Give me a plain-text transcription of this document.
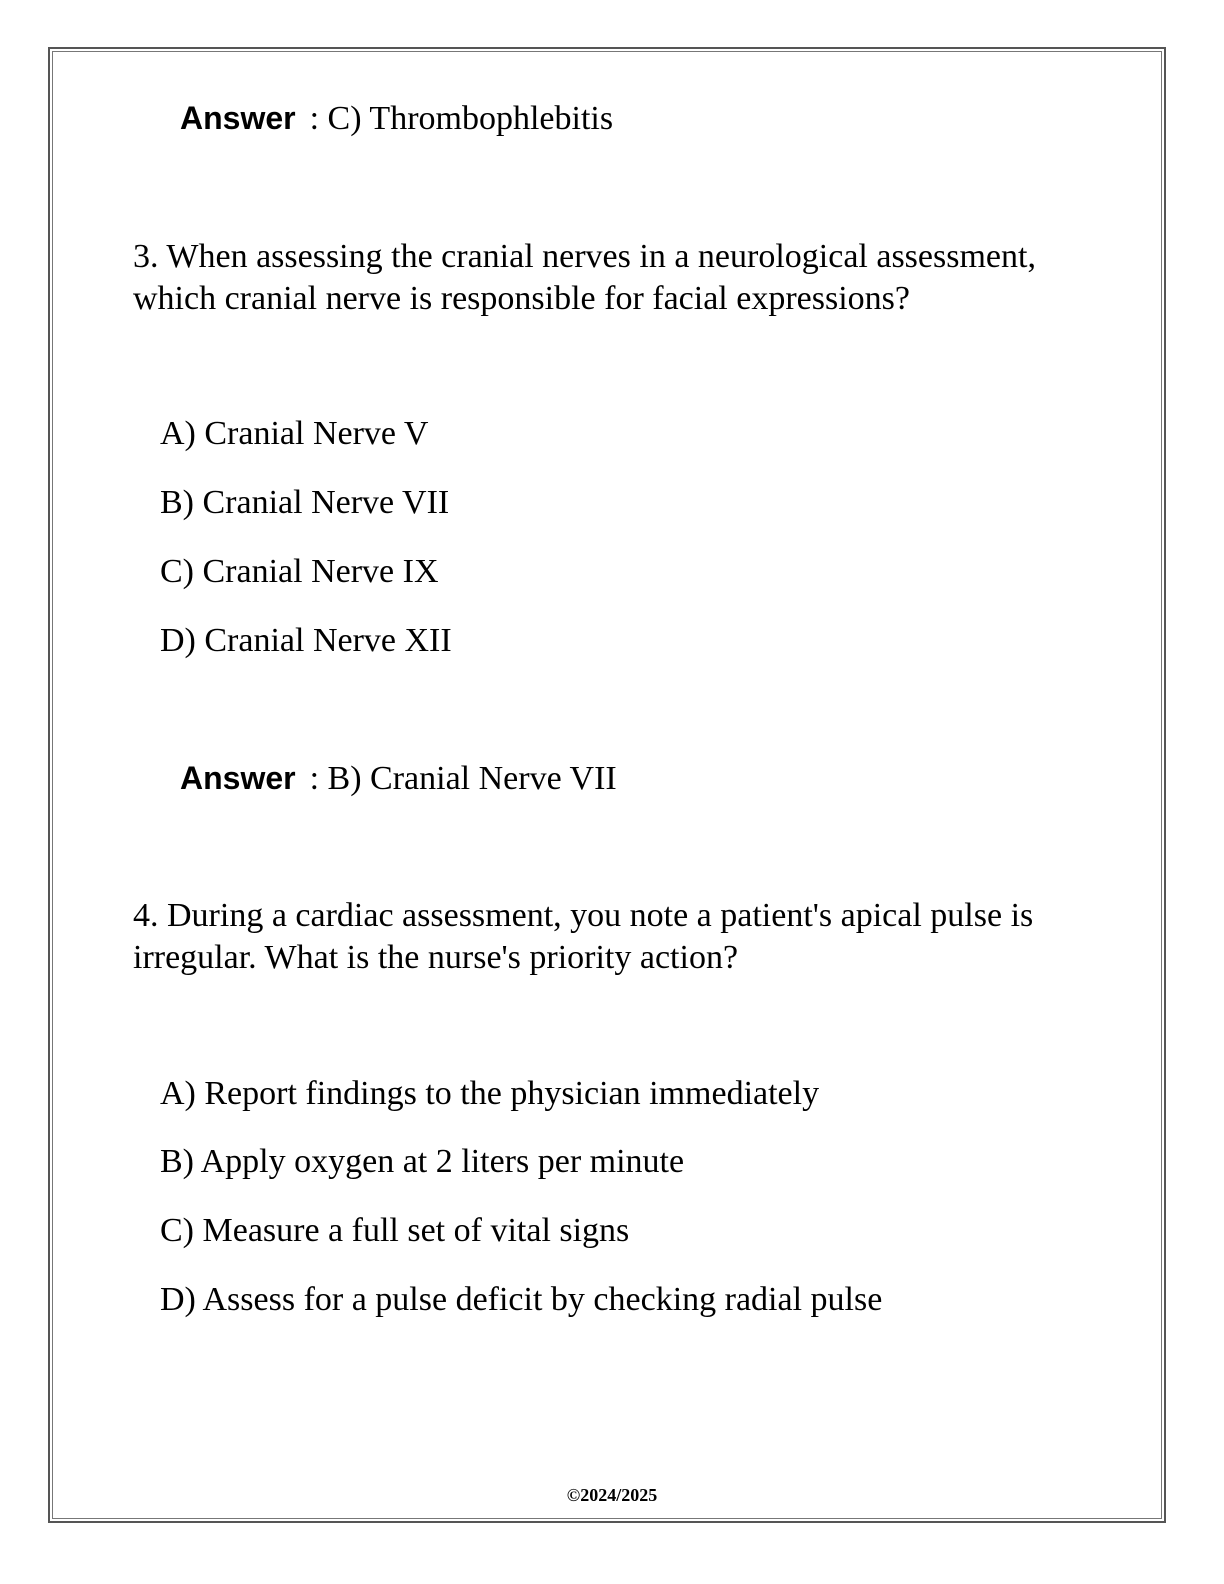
Answer : C) Thrombophlebitis
3. When assessing the cranial nerves in a neurological assessment, which cranial nerve is responsible for facial expressions?
A) Cranial Nerve V
B) Cranial Nerve VII
C) Cranial Nerve IX
D) Cranial Nerve XII
Answer : B) Cranial Nerve VII
4. During a cardiac assessment, you note a patient's apical pulse is irregular. What is the nurse's priority action?
A) Report findings to the physician immediately
B) Apply oxygen at 2 liters per minute
C) Measure a full set of vital signs
D) Assess for a pulse deficit by checking radial pulse
©2024/2025
